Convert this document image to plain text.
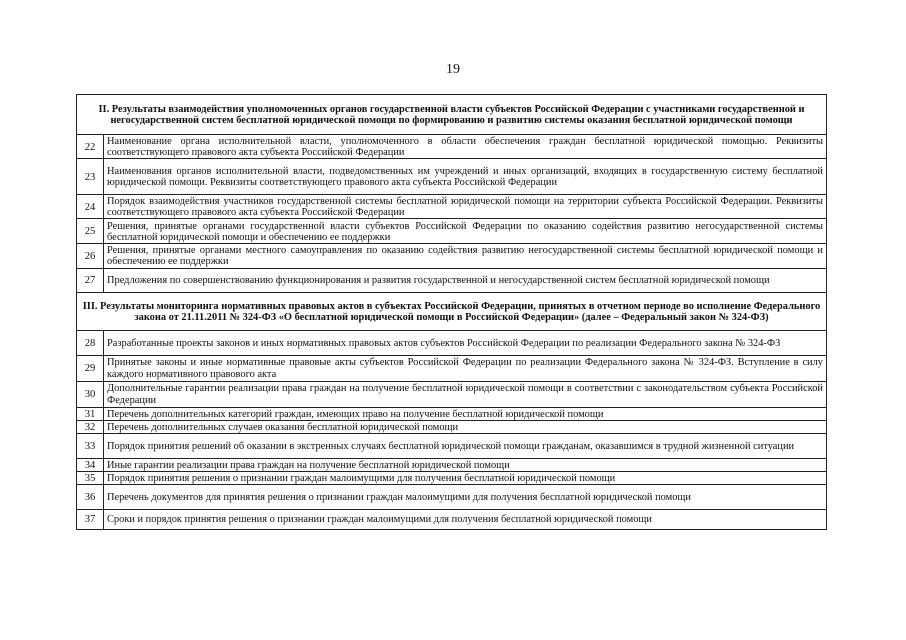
19
II. Результаты взаимодействия уполномоченных органов государственной власти субъектов Российской Федерации с участниками государственной и негосударственной систем бесплатной юридической помощи по формированию и развитию системы оказания бесплатной юридической помощи	
22	Наименование органа исполнительной власти, уполномоченного в области обеспечения граждан бесплатной юридической помощью. Реквизиты соответствующего правового акта субъекта Российской Федерации
23	Наименования органов исполнительной власти, подведомственных им учреждений и иных организаций, входящих в государственную систему бесплатной юридической помощи. Реквизиты соответствующего правового акта субъекта Российской Федерации
24	Порядок взаимодействия участников государственной системы бесплатной юридической помощи на территории субъекта Российской Федерации. Реквизиты соответствующего правового акта субъекта Российской Федерации
25	Решения, принятые органами государственной власти субъектов Российской Федерации по оказанию содействия развитию негосударственной системы бесплатной юридической помощи и обеспечению ее поддержки
26	Решения, принятые органами местного самоуправления по оказанию содействия развитию негосударственной системы бесплатной юридической помощи и обеспечению ее поддержки
27	Предложения по совершенствованию функционирования и развития государственной и негосударственной систем бесплатной юридической помощи
III. Результаты мониторинга нормативных правовых актов в субъектах Российской Федерации, принятых в отчетном периоде во исполнение Федерального закона от 21.11.2011 № 324-ФЗ «О бесплатной юридической помощи в Российской Федерации» (далее – Федеральный закон № 324-ФЗ)	
28	Разработанные проекты законов и иных нормативных правовых актов субъектов Российской Федерации по реализации Федерального закона № 324-ФЗ
29	Принятые законы и иные нормативные правовые акты субъектов Российской Федерации по реализации Федерального закона № 324-ФЗ. Вступление в силу каждого нормативного правового акта
30	Дополнительные гарантии реализации права граждан на получение бесплатной юридической помощи в соответствии с законодательством субъекта Российской Федерации
31	Перечень дополнительных категорий граждан, имеющих право на получение бесплатной юридической помощи
32	Перечень дополнительных случаев оказания бесплатной юридической помощи
33	Порядок принятия решений об оказании в экстренных случаях бесплатной юридической помощи гражданам, оказавшимся в трудной жизненной ситуации
34	Иные гарантии реализации права граждан на получение бесплатной юридической помощи
35	Порядок принятия решения о признании граждан малоимущими для получения бесплатной юридической помощи
36	Перечень документов для принятия решения о признании граждан малоимущими для получения бесплатной юридической помощи
37	Сроки и порядок принятия решения о признании граждан малоимущими для получения бесплатной юридической помощи
